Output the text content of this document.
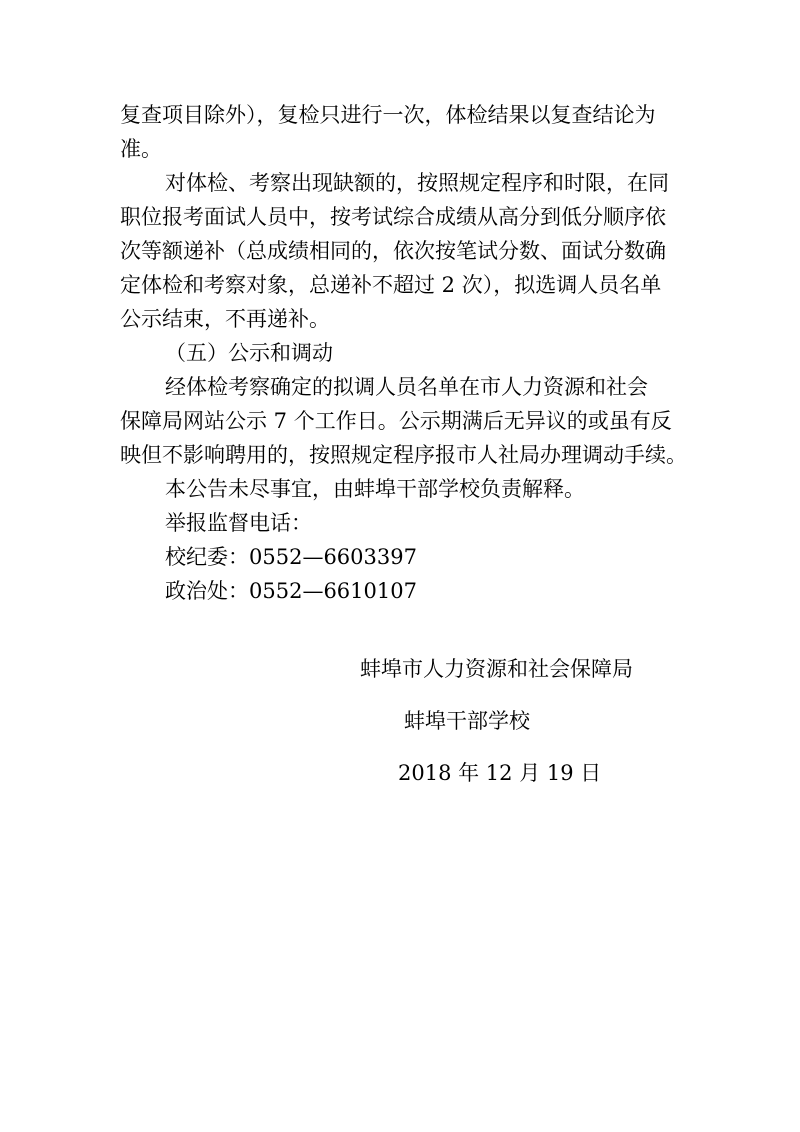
复查项目除外），复检只进行一次，体检结果以复查结论为
准。
对体检、考察出现缺额的，按照规定程序和时限，在同
职位报考面试人员中，按考试综合成绩从高分到低分顺序依
次等额递补（总成绩相同的，依次按笔试分数、面试分数确
定体检和考察对象，总递补不超过 2 次），拟选调人员名单
公示结束，不再递补。
（五）公示和调动
经体检考察确定的拟调人员名单在市人力资源和社会
保障局网站公示 7 个工作日。公示期满后无异议的或虽有反
映但不影响聘用的，按照规定程序报市人社局办理调动手续。
本公告未尽事宜，由蚌埠干部学校负责解释。
举报监督电话：
校纪委：0552—6603397
政治处：0552—6610107
蚌埠市人力资源和社会保障局
蚌埠干部学校
2018 年 12 月 19 日
